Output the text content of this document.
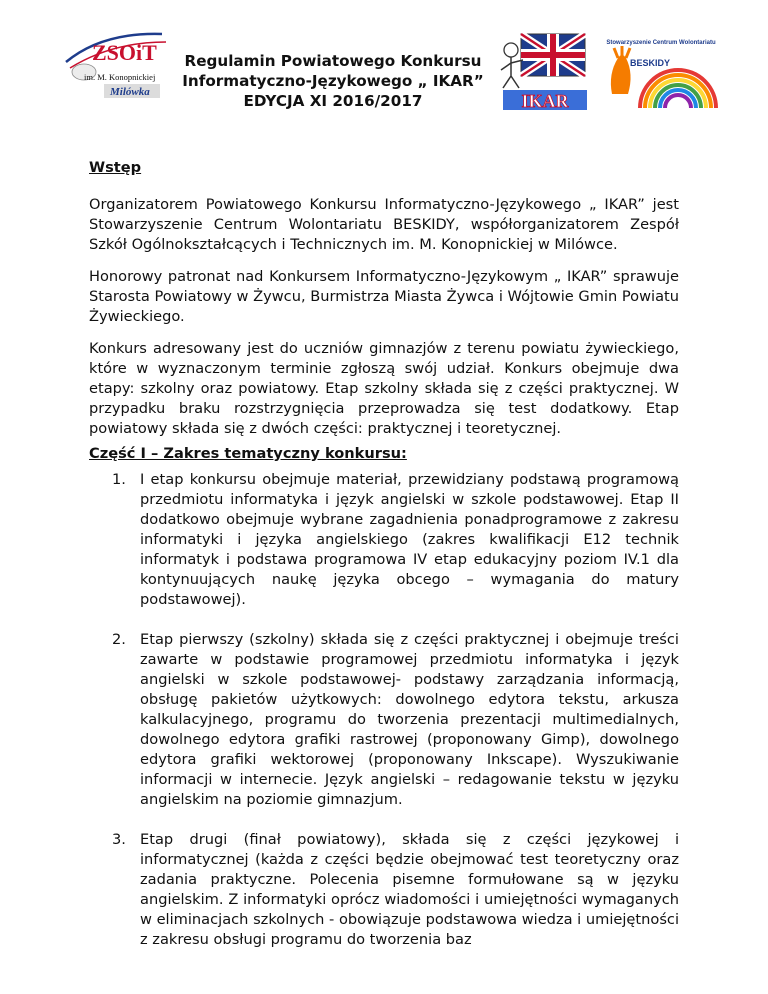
ZSOiT
im. M. Konopnickiej
Milówka
Regulamin Powiatowego Konkursu
Informatyczno-Językowego „ IKAR”
EDYCJA XI 2016/2017	IKAR
Stowarzyszenie Centrum Wolontariatu
BESKIDY

Wstęp

Organizatorem Powiatowego Konkursu Informatyczno-Językowego „ IKAR” jest Stowarzyszenie Centrum Wolontariatu BESKIDY, współorganizatorem Zespół Szkół Ogólnokształcących i Technicznych im. M. Konopnickiej w Milówce.

Honorowy patronat nad Konkursem Informatyczno-Językowym „ IKAR” sprawuje Starosta Powiatowy w Żywcu, Burmistrza Miasta Żywca i Wójtowie Gmin Powiatu Żywieckiego.

Konkurs adresowany jest do uczniów gimnazjów z terenu powiatu żywieckiego, które w wyznaczonym terminie zgłoszą swój udział. Konkurs obejmuje dwa etapy: szkolny oraz powiatowy. Etap szkolny składa się z części praktycznej. W przypadku braku rozstrzygnięcia przeprowadza się test dodatkowy. Etap powiatowy składa się z dwóch części: praktycznej i teoretycznej.

Część I – Zakres tematyczny konkursu:

1. I etap konkursu obejmuje materiał, przewidziany podstawą programową przedmiotu informatyka i język angielski w szkole podstawowej. Etap II dodatkowo obejmuje wybrane zagadnienia ponadprogramowe z zakresu informatyki i języka angielskiego (zakres kwalifikacji E12 technik informatyk i podstawa programowa IV etap edukacyjny poziom IV.1 dla kontynuujących naukę języka obcego – wymagania do matury podstawowej).
2. Etap pierwszy (szkolny) składa się z części praktycznej i obejmuje treści zawarte w podstawie programowej przedmiotu informatyka i język angielski w szkole podstawowej- podstawy zarządzania informacją, obsługę pakietów użytkowych: dowolnego edytora tekstu, arkusza kalkulacyjnego, programu do tworzenia prezentacji multimedialnych, dowolnego edytora grafiki rastrowej (proponowany Gimp), dowolnego edytora grafiki wektorowej (proponowany Inkscape). Wyszukiwanie informacji w internecie. Język angielski – redagowanie tekstu w języku angielskim na poziomie gimnazjum.
3. Etap drugi (finał powiatowy), składa się z części językowej i informatycznej (każda z części będzie obejmować test teoretyczny oraz zadania praktyczne. Polecenia pisemne formułowane są w języku angielskim. Z informatyki oprócz wiadomości i umiejętności wymaganych w eliminacjach szkolnych - obowiązuje podstawowa wiedza i umiejętności z zakresu obsługi programu do tworzenia baz
